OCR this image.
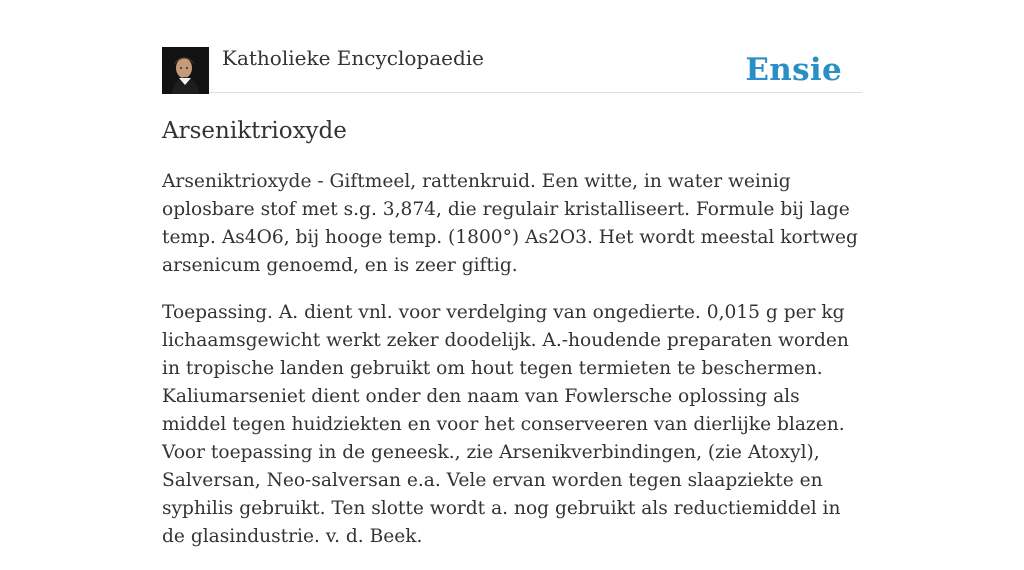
Katholieke Encyclopaedie	Ensie
Arseniktrioxyde

Arseniktrioxyde - Giftmeel, rattenkruid. Een witte, in water weinig oplosbare stof met s.g. 3,874, die regulair kristalliseert. Formule bij lage temp. As4O6, bij hooge temp. (1800°) As2O3. Het wordt meestal kortweg arsenicum genoemd, en is zeer giftig.

Toepassing. A. dient vnl. voor verdelging van ongedierte. 0,015 g per kg lichaamsgewicht werkt zeker doodelijk. A.-houdende preparaten worden in tropische landen gebruikt om hout tegen termieten te beschermen. Kaliumarseniet dient onder den naam van Fowlersche oplossing als middel tegen huidziekten en voor het conserveeren van dierlijke blazen. Voor toepassing in de geneesk., zie Arsenikverbindingen, (zie Atoxyl), Salversan, Neo-salversan e.a. Vele ervan worden tegen slaapziekte en syphilis gebruikt. Ten slotte wordt a. nog gebruikt als reductiemiddel in de glasindustrie. v. d. Beek.
